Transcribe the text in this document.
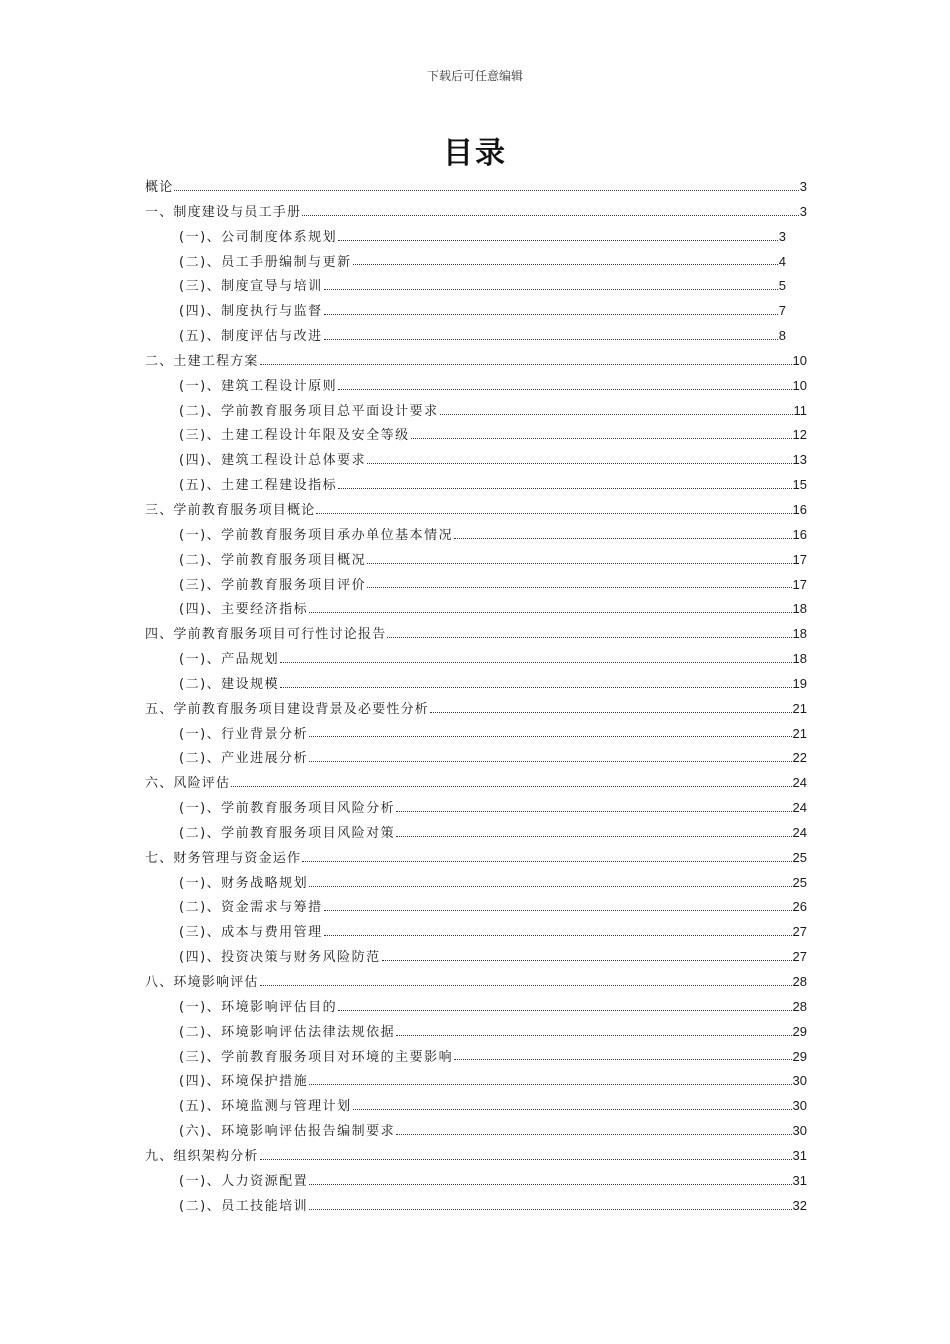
下载后可任意编辑
目录
概论	3
一、制度建设与员工手册	3
(一)、公司制度体系规划	3
(二)、员工手册编制与更新	4
(三)、制度宣导与培训	5
(四)、制度执行与监督	7
(五)、制度评估与改进	8
二、土建工程方案	10
(一)、建筑工程设计原则	10
(二)、学前教育服务项目总平面设计要求	11
(三)、土建工程设计年限及安全等级	12
(四)、建筑工程设计总体要求	13
(五)、土建工程建设指标	15
三、学前教育服务项目概论	16
(一)、学前教育服务项目承办单位基本情况	16
(二)、学前教育服务项目概况	17
(三)、学前教育服务项目评价	17
(四)、主要经济指标	18
四、学前教育服务项目可行性讨论报告	18
(一)、产品规划	18
(二)、建设规模	19
五、学前教育服务项目建设背景及必要性分析	21
(一)、行业背景分析	21
(二)、产业进展分析	22
六、风险评估	24
(一)、学前教育服务项目风险分析	24
(二)、学前教育服务项目风险对策	24
七、财务管理与资金运作	25
(一)、财务战略规划	25
(二)、资金需求与筹措	26
(三)、成本与费用管理	27
(四)、投资决策与财务风险防范	27
八、环境影响评估	28
(一)、环境影响评估目的	28
(二)、环境影响评估法律法规依据	29
(三)、学前教育服务项目对环境的主要影响	29
(四)、环境保护措施	30
(五)、环境监测与管理计划	30
(六)、环境影响评估报告编制要求	30
九、组织架构分析	31
(一)、人力资源配置	31
(二)、员工技能培训	32
